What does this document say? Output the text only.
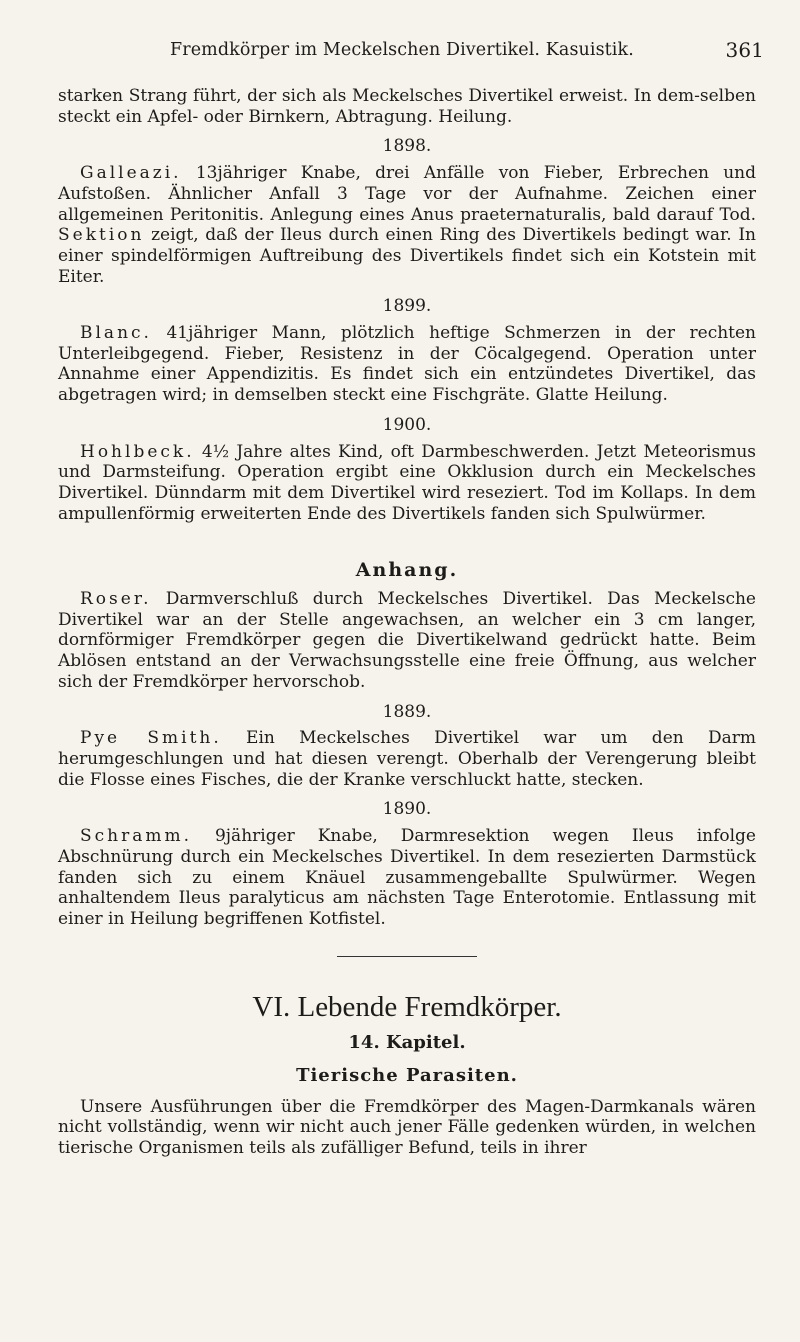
Fremdkörper im Meckelschen Divertikel. Kasuistik.	361

starken Strang führt, der sich als Meckelsches Divertikel erweist. In dem-selben steckt ein Apfel- oder Birnkern, Abtragung. Heilung.

1898.

Galleazi. 13jähriger Knabe, drei Anfälle von Fieber, Erbrechen und Aufstoßen. Ähnlicher Anfall 3 Tage vor der Aufnahme. Zeichen einer allgemeinen Peritonitis. Anlegung eines Anus praeternaturalis, bald darauf Tod. Sektion zeigt, daß der Ileus durch einen Ring des Divertikels bedingt war. In einer spindelförmigen Auftreibung des Divertikels findet sich ein Kotstein mit Eiter.

1899.

Blanc. 41jähriger Mann, plötzlich heftige Schmerzen in der rechten Unterleibgegend. Fieber, Resistenz in der Cöcalgegend. Operation unter Annahme einer Appendizitis. Es findet sich ein entzündetes Divertikel, das abgetragen wird; in demselben steckt eine Fischgräte. Glatte Heilung.

1900.

Hohlbeck. 4½ Jahre altes Kind, oft Darmbeschwerden. Jetzt Meteorismus und Darmsteifung. Operation ergibt eine Okklusion durch ein Meckelsches Divertikel. Dünndarm mit dem Divertikel wird reseziert. Tod im Kollaps. In dem ampullenförmig erweiterten Ende des Divertikels fanden sich Spulwürmer.

Anhang.

Roser. Darmverschluß durch Meckelsches Divertikel. Das Meckelsche Divertikel war an der Stelle angewachsen, an welcher ein 3 cm langer, dornförmiger Fremdkörper gegen die Divertikelwand gedrückt hatte. Beim Ablösen entstand an der Verwachsungsstelle eine freie Öffnung, aus welcher sich der Fremdkörper hervorschob.

1889.

Pye Smith. Ein Meckelsches Divertikel war um den Darm herumgeschlungen und hat diesen verengt. Oberhalb der Verengerung bleibt die Flosse eines Fisches, die der Kranke verschluckt hatte, stecken.

1890.

Schramm. 9jähriger Knabe, Darmresektion wegen Ileus infolge Abschnürung durch ein Meckelsches Divertikel. In dem resezierten Darmstück fanden sich zu einem Knäuel zusammengeballte Spulwürmer. Wegen anhaltendem Ileus paralyticus am nächsten Tage Enterotomie. Entlassung mit einer in Heilung begriffenen Kotfistel.

VI. Lebende Fremdkörper.
14. Kapitel.
Tierische Parasiten.

Unsere Ausführungen über die Fremdkörper des Magen-Darmkanals wären nicht vollständig, wenn wir nicht auch jener Fälle gedenken würden, in welchen tierische Organismen teils als zufälliger Befund, teils in ihrer
